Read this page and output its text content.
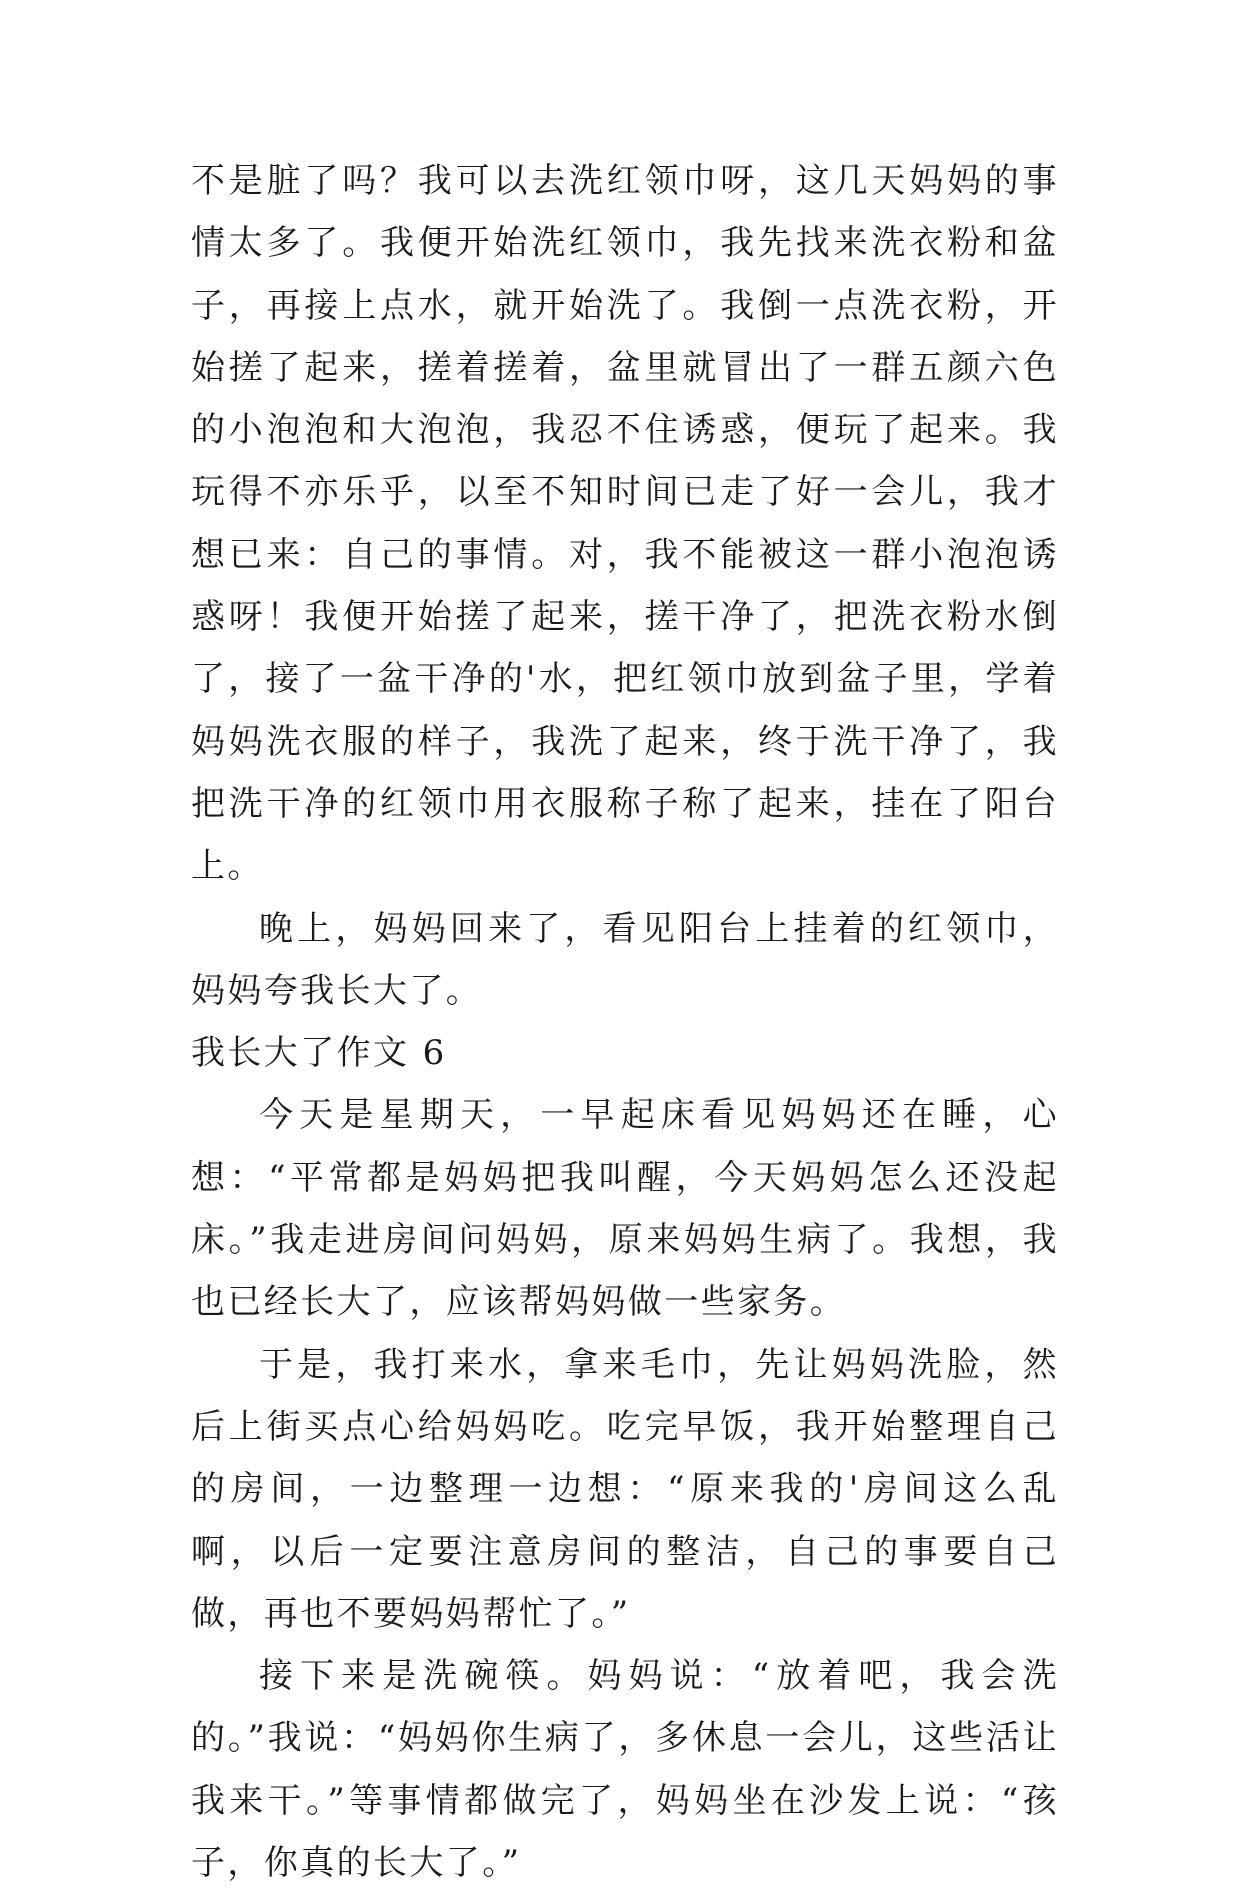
不是脏了吗？我可以去洗红领巾呀，这几天妈妈的事情太多了。我便开始洗红领巾，我先找来洗衣粉和盆子，再接上点水，就开始洗了。我倒一点洗衣粉，开始搓了起来，搓着搓着，盆里就冒出了一群五颜六色的小泡泡和大泡泡，我忍不住诱惑，便玩了起来。我玩得不亦乐乎，以至不知时间已走了好一会儿，我才想已来：自己的事情。对，我不能被这一群小泡泡诱惑呀！我便开始搓了起来，搓干净了，把洗衣粉水倒了，接了一盆干净的'水，把红领巾放到盆子里，学着妈妈洗衣服的样子，我洗了起来，终于洗干净了，我把洗干净的红领巾用衣服称子称了起来，挂在了阳台上。

晚上，妈妈回来了，看见阳台上挂着的红领巾，妈妈夸我长大了。

我长大了作文 6

今天是星期天，一早起床看见妈妈还在睡，心想：“平常都是妈妈把我叫醒，今天妈妈怎么还没起床。”我走进房间问妈妈，原来妈妈生病了。我想，我也已经长大了，应该帮妈妈做一些家务。

于是，我打来水，拿来毛巾，先让妈妈洗脸，然后上街买点心给妈妈吃。吃完早饭，我开始整理自己的房间，一边整理一边想：“原来我的'房间这么乱啊，以后一定要注意房间的整洁，自己的事要自己做，再也不要妈妈帮忙了。”

接下来是洗碗筷。妈妈说：“放着吧，我会洗的。”我说：“妈妈你生病了，多休息一会儿，这些活让我来干。”等事情都做完了，妈妈坐在沙发上说：“孩子，你真的长大了。”
